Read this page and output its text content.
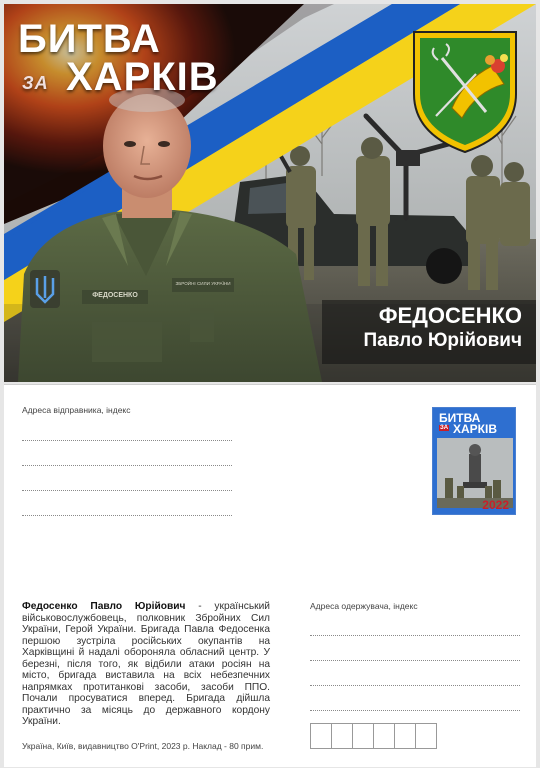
БИТВА
ЗА ХАРКІВ
ФЕДОСЕНКО
ЗБРОЙНІ СИЛИ УКРАЇНИ
ФЕДОСЕНКО
Павло Юрійович
Адреса відправника, індекс
БИТВА
ЗА ХАРКІВ
2022
Федосенко Павло Юрійович - український військовослужбовець, полковник Збройних Сил України, Герой України. Бригада Павла Федосенка першою зустріла російських окупантів на Харківщині й надалі обороняла обласний центр. У березні, після того, як відбили атаки росіян на місто, бригада виставила на всіх небезпечних напрямках протитанкові засоби, засоби ППО. Почали просуватися вперед. Бригада дійшла практично за місяць до державного кордону України.
Адреса одержувача, індекс
Україна, Київ, видавництво О'Print, 2023 р. Наклад - 80 прим.
